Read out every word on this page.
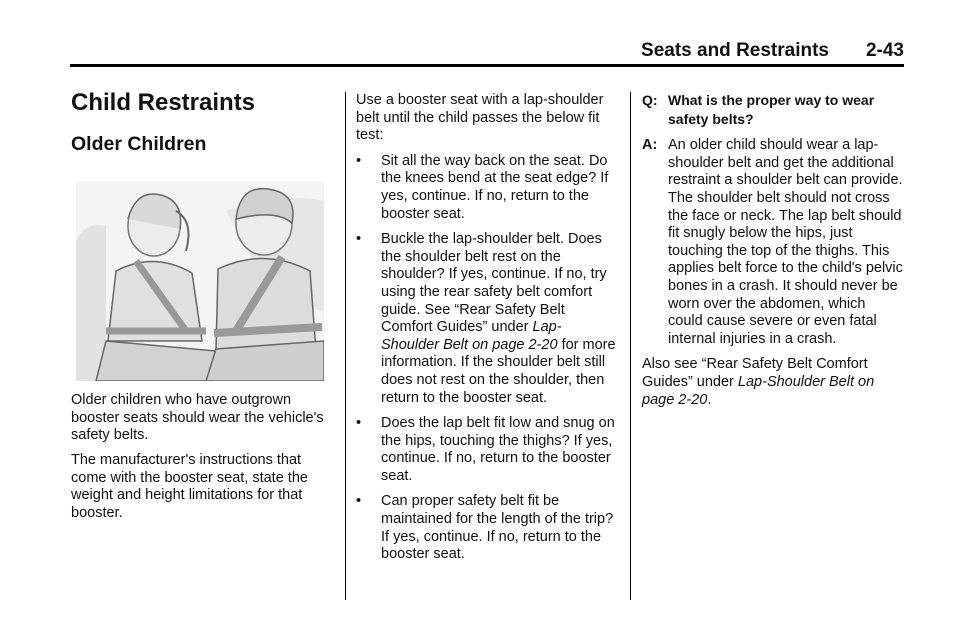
Seats and Restraints 2-43
Child Restraints
Older Children

Older children who have outgrown booster seats should wear the vehicle's safety belts.

The manufacturer's instructions that come with the booster seat, state the weight and height limitations for that booster.

Use a booster seat with a lap-shoulder belt until the child passes the below fit test:

• Sit all the way back on the seat. Do the knees bend at the seat edge? If yes, continue. If no, return to the booster seat.
• Buckle the lap-shoulder belt. Does the shoulder belt rest on the shoulder? If yes, continue. If no, try using the rear safety belt comfort guide. See “Rear Safety Belt Comfort Guides” under Lap-Shoulder Belt on page 2-20 for more information. If the shoulder belt still does not rest on the shoulder, then return to the booster seat.
• Does the lap belt fit low and snug on the hips, touching the thighs? If yes, continue. If no, return to the booster seat.
• Can proper safety belt fit be maintained for the length of the trip? If yes, continue. If no, return to the booster seat.
Q: What is the proper way to wear safety belts?
A: An older child should wear a lap-shoulder belt and get the additional restraint a shoulder belt can provide. The shoulder belt should not cross the face or neck. The lap belt should fit snugly below the hips, just touching the top of the thighs. This applies belt force to the child's pelvic bones in a crash. It should never be worn over the abdomen, which could cause severe or even fatal internal injuries in a crash.

Also see “Rear Safety Belt Comfort Guides” under Lap-Shoulder Belt on page 2-20.
